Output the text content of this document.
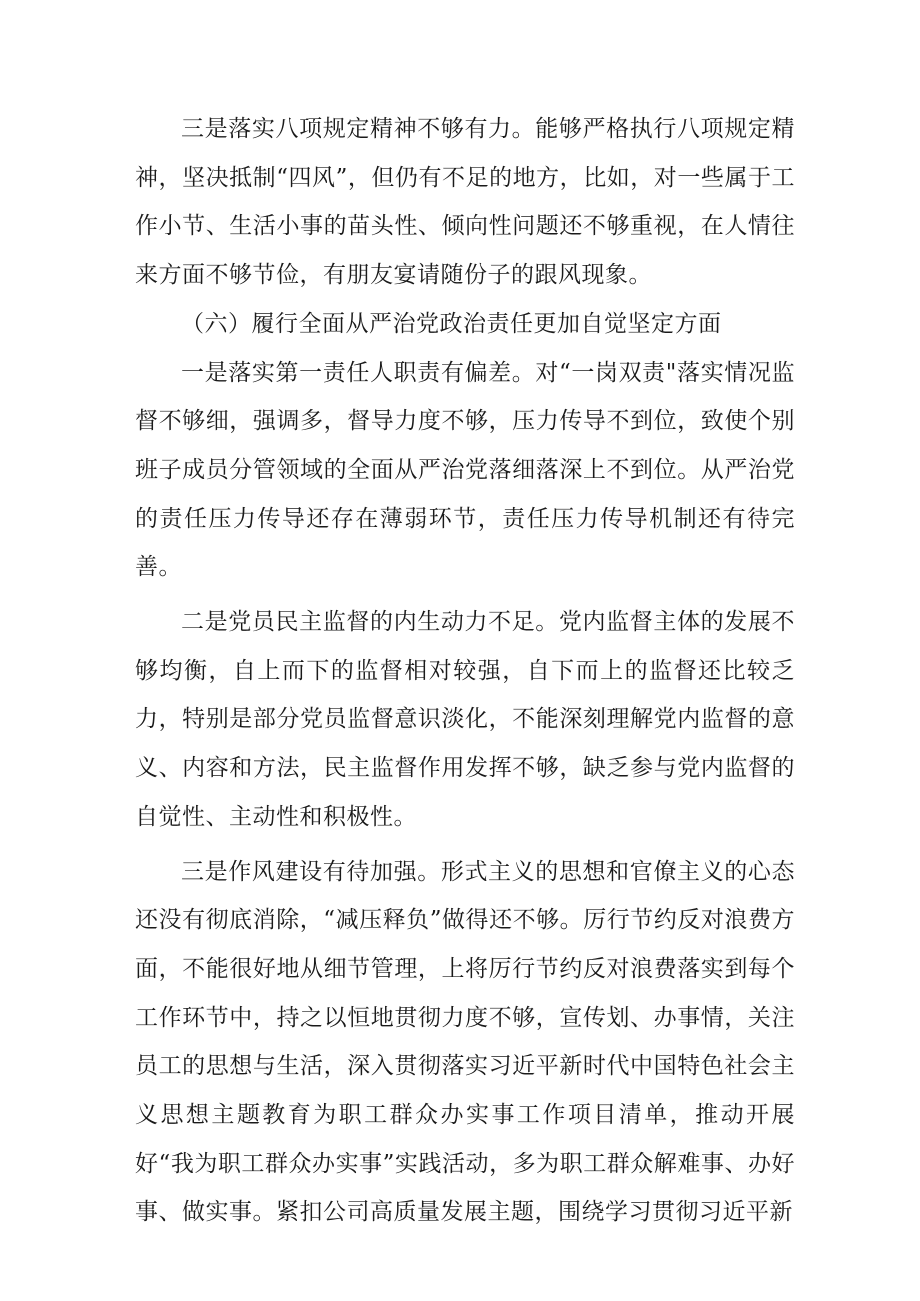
三是落实八项规定精神不够有力。能够严格执行八项规定精神，坚决抵制“四风”，但仍有不足的地方，比如，对一些属于工作小节、生活小事的苗头性、倾向性问题还不够重视，在人情往来方面不够节俭，有朋友宴请随份子的跟风现象。

（六）履行全面从严治党政治责任更加自觉坚定方面

一是落实第一责任人职责有偏差。对“一岗双责"落实情况监督不够细，强调多，督导力度不够，压力传导不到位，致使个别班子成员分管领域的全面从严治党落细落深上不到位。从严治党的责任压力传导还存在薄弱环节，责任压力传导机制还有待完善。

二是党员民主监督的内生动力不足。党内监督主体的发展不够均衡，自上而下的监督相对较强，自下而上的监督还比较乏力，特别是部分党员监督意识淡化，不能深刻理解党内监督的意义、内容和方法，民主监督作用发挥不够，缺乏参与党内监督的自觉性、主动性和积极性。

三是作风建设有待加强。形式主义的思想和官僚主义的心态还没有彻底消除，“减压释负”做得还不够。厉行节约反对浪费方面，不能很好地从细节管理，上将厉行节约反对浪费落实到每个工作环节中，持之以恒地贯彻力度不够，宣传划、办事情，关注员工的思想与生活，深入贯彻落实习近平新时代中国特色社会主义思想主题教育为职工群众办实事工作项目清单，推动开展好“我为职工群众办实事”实践活动，多为职工群众解难事、办好事、做实事。紧扣公司高质量发展主题，围绕学习贯彻习近平新
